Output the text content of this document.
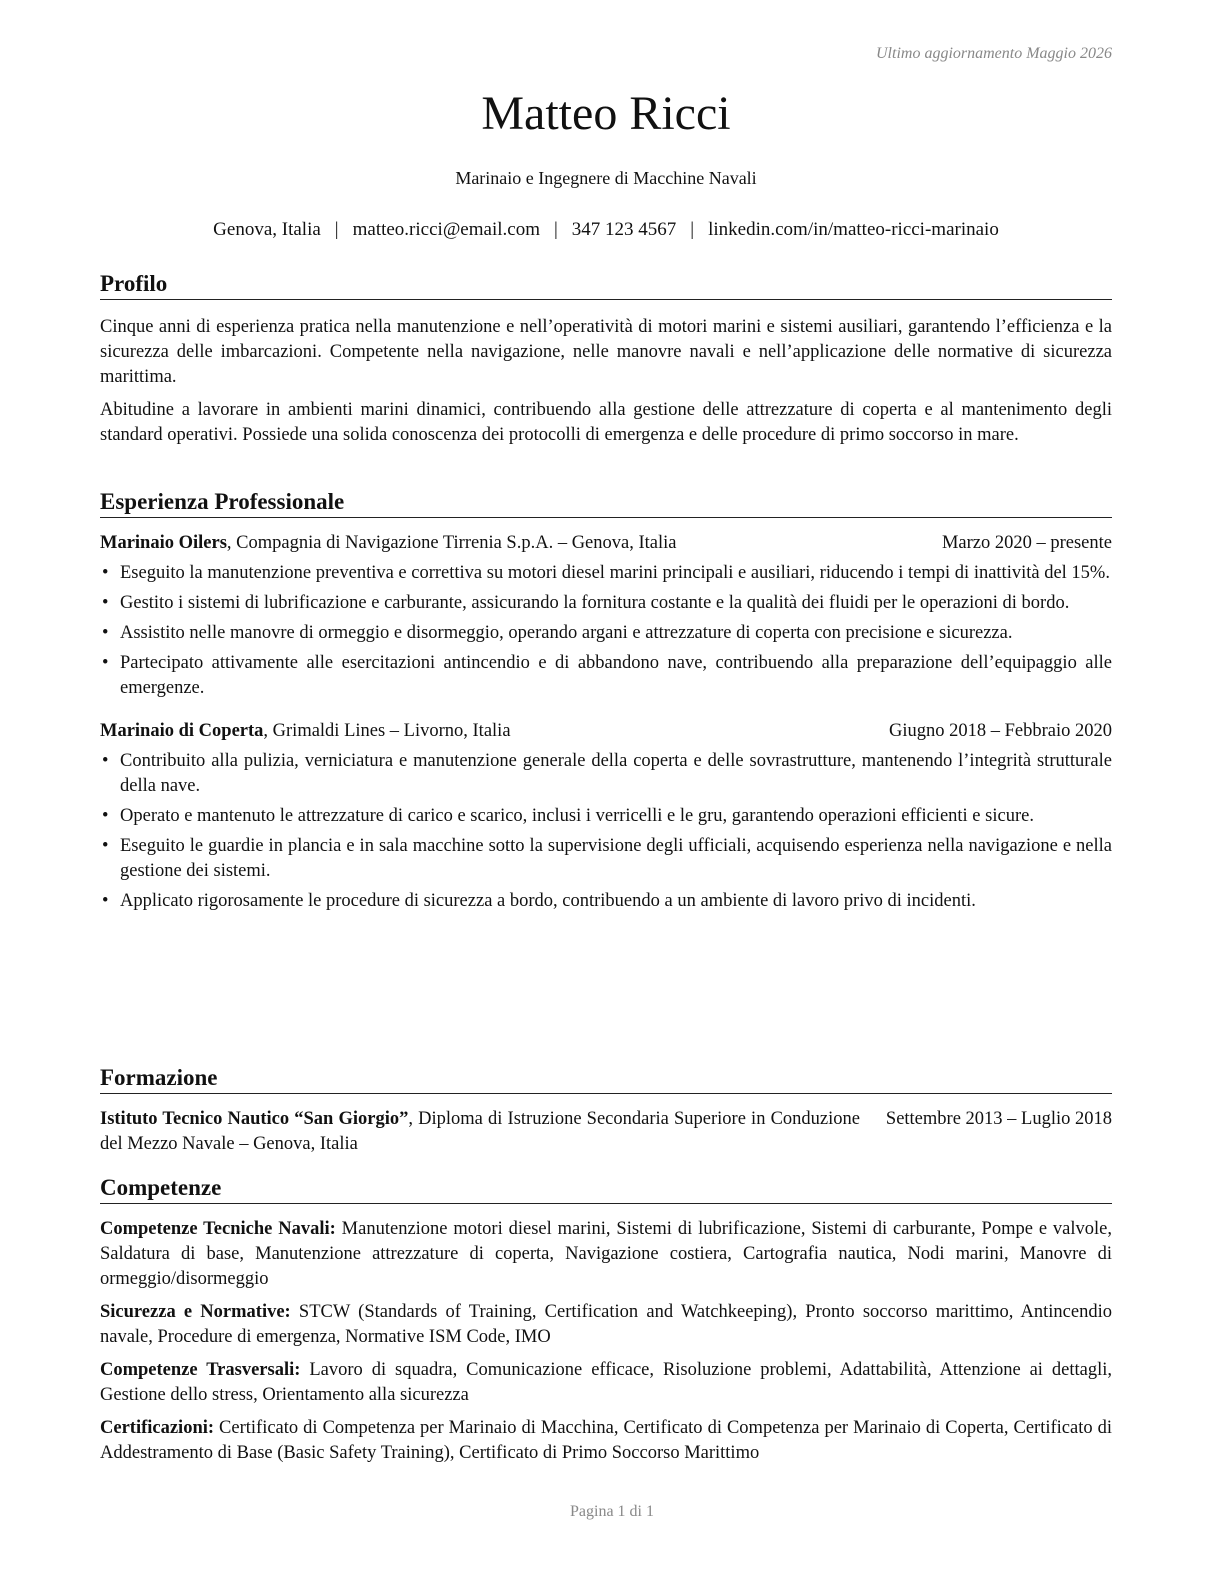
Ultimo aggiornamento Maggio 2026
Matteo Ricci
Marinaio e Ingegnere di Macchine Navali
Genova, Italia | matteo.ricci@email.com | 347 123 4567 | linkedin.com/in/matteo-ricci-marinaio
Profilo

Cinque anni di esperienza pratica nella manutenzione e nell’operatività di motori marini e sistemi ausiliari, garantendo l’efficienza e la sicurezza delle imbarcazioni. Competente nella navigazione, nelle manovre navali e nell’applicazione delle normative di sicurezza marittima.

Abitudine a lavorare in ambienti marini dinamici, contribuendo alla gestione delle attrezzature di coperta e al mantenimento degli standard operativi. Possiede una solida conoscenza dei protocolli di emergenza e delle procedure di primo soccorso in mare.

Esperienza Professionale
Marinaio Oilers, Compagnia di Navigazione Tirrenia S.p.A. – Genova, Italia	Marzo 2020 – presente
• Eseguito la manutenzione preventiva e correttiva su motori diesel marini principali e ausiliari, riducendo i tempi di inattività del 15%.
• Gestito i sistemi di lubrificazione e carburante, assicurando la fornitura costante e la qualità dei fluidi per le operazioni di bordo.
• Assistito nelle manovre di ormeggio e disormeggio, operando argani e attrezzature di coperta con precisione e sicurezza.
• Partecipato attivamente alle esercitazioni antincendio e di abbandono nave, contribuendo alla preparazione dell’equipaggio alle emergenze.
Marinaio di Coperta, Grimaldi Lines – Livorno, Italia	Giugno 2018 – Febbraio 2020
• Contribuito alla pulizia, verniciatura e manutenzione generale della coperta e delle sovrastrutture, mantenendo l’integrità strutturale della nave.
• Operato e mantenuto le attrezzature di carico e scarico, inclusi i verricelli e le gru, garantendo operazioni efficienti e sicure.
• Eseguito le guardie in plancia e in sala macchine sotto la supervisione degli ufficiali, acquisendo esperienza nella navigazione e nella gestione dei sistemi.
• Applicato rigorosamente le procedure di sicurezza a bordo, contribuendo a un ambiente di lavoro privo di incidenti.
Formazione
Istituto Tecnico Nautico “San Giorgio”, Diploma di Istruzione Secondaria Superiore in Conduzione del Mezzo Navale – Genova, Italia
Settembre 2013 – Luglio 2018
Competenze
Competenze Tecniche Navali: Manutenzione motori diesel marini, Sistemi di lubrificazione, Sistemi di carburante, Pompe e valvole, Saldatura di base, Manutenzione attrezzature di coperta, Navigazione costiera, Cartografia nautica, Nodi marini, Manovre di ormeggio/disormeggio
Sicurezza e Normative: STCW (Standards of Training, Certification and Watchkeeping), Pronto soccorso marittimo, Antincendio navale, Procedure di emergenza, Normative ISM Code, IMO
Competenze Trasversali: Lavoro di squadra, Comunicazione efficace, Risoluzione problemi, Adattabilità, Attenzione ai dettagli, Gestione dello stress, Orientamento alla sicurezza
Certificazioni: Certificato di Competenza per Marinaio di Macchina, Certificato di Competenza per Marinaio di Coperta, Certificato di Addestramento di Base (Basic Safety Training), Certificato di Primo Soccorso Marittimo
Pagina 1 di 1
